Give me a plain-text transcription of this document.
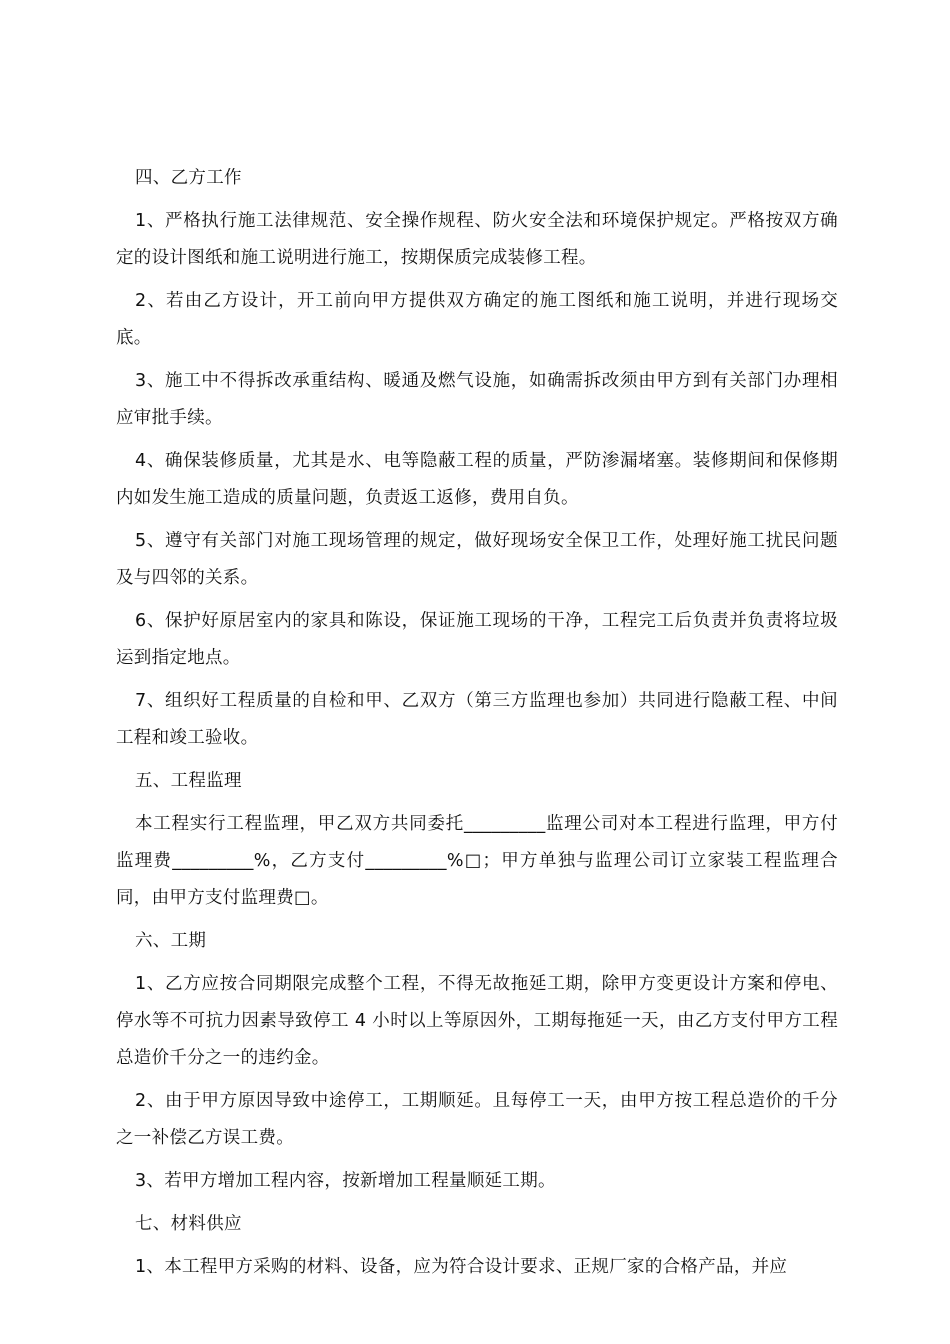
四、乙方工作

1、严格执行施工法律规范、安全操作规程、防火安全法和环境保护规定。严格按双方确定的设计图纸和施工说明进行施工，按期保质完成装修工程。

2、若由乙方设计，开工前向甲方提供双方确定的施工图纸和施工说明，并进行现场交底。

3、施工中不得拆改承重结构、暖通及燃气设施，如确需拆改须由甲方到有关部门办理相应审批手续。

4、确保装修质量，尤其是水、电等隐蔽工程的质量，严防渗漏堵塞。装修期间和保修期内如发生施工造成的质量问题，负责返工返修，费用自负。

5、遵守有关部门对施工现场管理的规定，做好现场安全保卫工作，处理好施工扰民问题及与四邻的关系。

6、保护好原居室内的家具和陈设，保证施工现场的干净，工程完工后负责并负责将垃圾运到指定地点。

7、组织好工程质量的自检和甲、乙双方（第三方监理也参加）共同进行隐蔽工程、中间工程和竣工验收。

五、工程监理

本工程实行工程监理，甲乙双方共同委托_________监理公司对本工程进行监理，甲方付监理费_________%，乙方支付_________%□；甲方单独与监理公司订立家装工程监理合同，由甲方支付监理费□。

六、工期

1、乙方应按合同期限完成整个工程，不得无故拖延工期，除甲方变更设计方案和停电、停水等不可抗力因素导致停工 4 小时以上等原因外，工期每拖延一天，由乙方支付甲方工程总造价千分之一的违约金。

2、由于甲方原因导致中途停工，工期顺延。且每停工一天，由甲方按工程总造价的千分之一补偿乙方误工费。

3、若甲方增加工程内容，按新增加工程量顺延工期。

七、材料供应

1、本工程甲方采购的材料、设备，应为符合设计要求、正规厂家的合格产品，并应
